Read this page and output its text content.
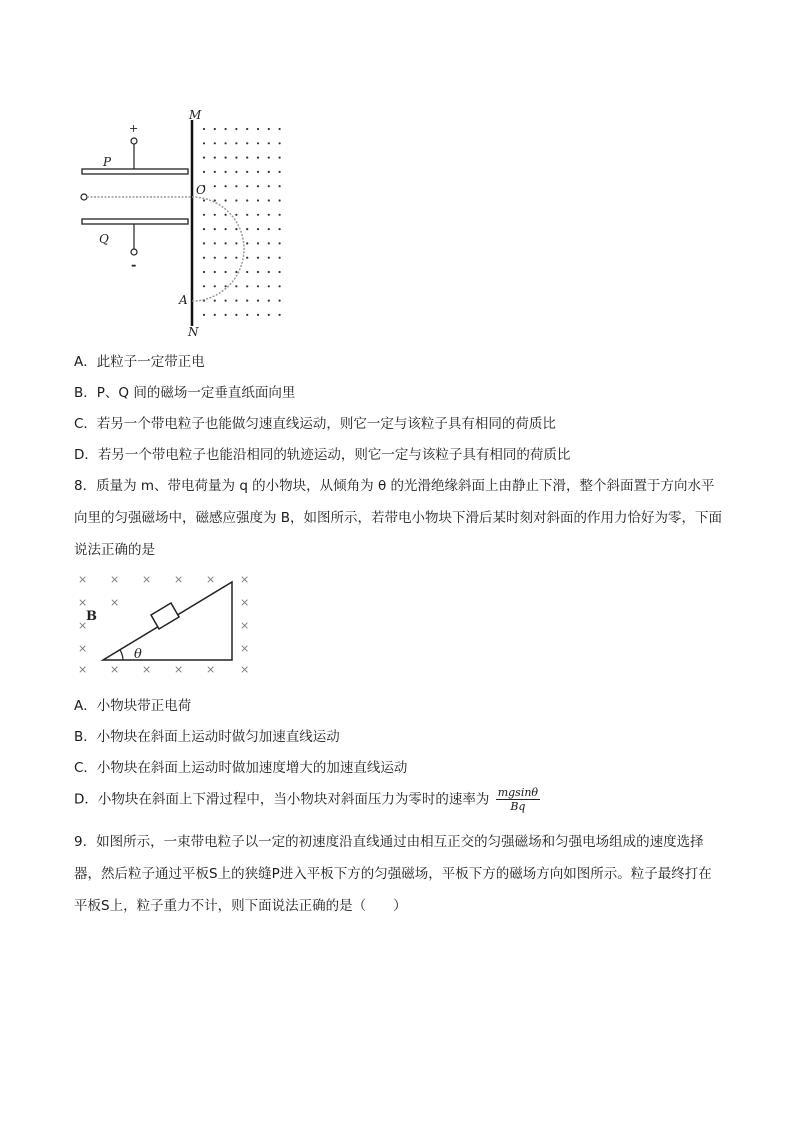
M
N
O
A
P
Q
+
-
A．此粒子一定带正电
B．P、Q 间的磁场一定垂直纸面向里
C．若另一个带电粒子也能做匀速直线运动，则它一定与该粒子具有相同的荷质比
D．若另一个带电粒子也能沿相同的轨迹运动，则它一定与该粒子具有相同的荷质比
8．质量为 m、带电荷量为 q 的小物块，从倾角为 θ 的光滑绝缘斜面上由静止下滑，整个斜面置于方向水平向里的匀强磁场中，磁感应强度为 B，如图所示，若带电小物块下滑后某时刻对斜面的作用力恰好为零，下面说法正确的是
× × × × × ×
× ×	×
×	×
×	×
× × × × × ×
θ
B
A．小物块带正电荷
B．小物块在斜面上运动时做匀加速直线运动
C．小物块在斜面上运动时做加速度增大的加速直线运动
D．小物块在斜面上下滑过程中，当小物块对斜面压力为零时的速率为 $\frac{mgsin\theta}{Bq}$
9．如图所示，一束带电粒子以一定的初速度沿直线通过由相互正交的匀强磁场和匀强电场组成的速度选择器，然后粒子通过平板S上的狭缝P进入平板下方的匀强磁场，平板下方的磁场方向如图所示。粒子最终打在平板S上，粒子重力不计，则下面说法正确的是（　　）
